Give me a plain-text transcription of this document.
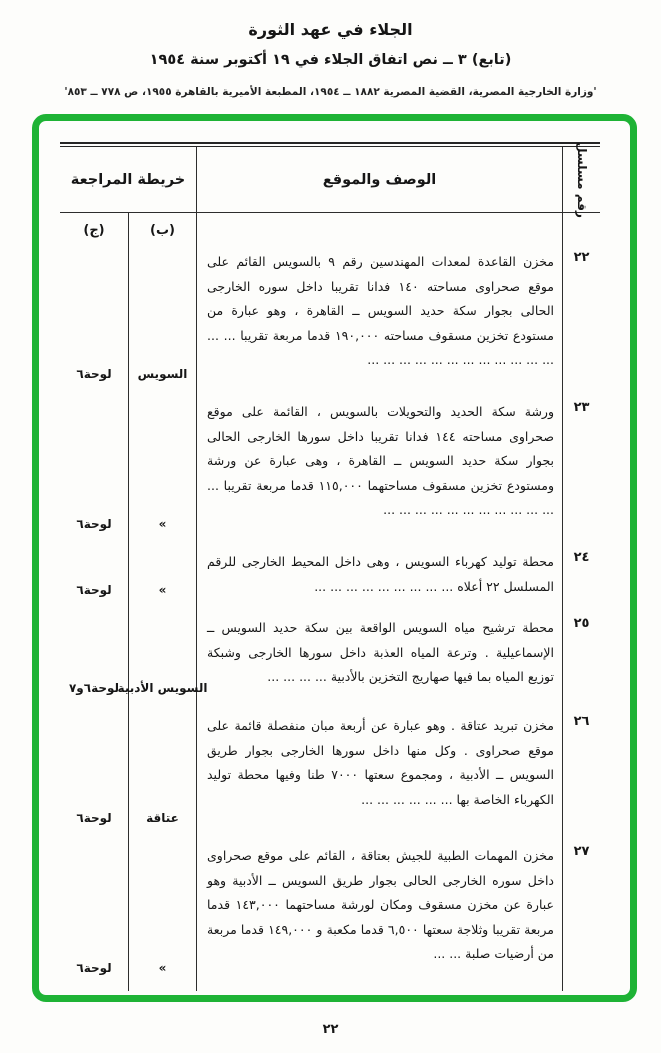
الجلاء في عهد الثورة
(تابع) ٣ ــ نص اتفاق الجلاء في ١٩ أكتوبر سنة ١٩٥٤
'وزارة الخارجية المصرية، القضية المصرية ١٨٨٢ ــ ١٩٥٤، المطبعة الأميرية بالقاهرة ١٩٥٥، ص ٧٧٨ ــ ٨٥٣'
رقم مسلسل
الوصف والموقع
خريطة المراجعة
(ب)
(ج)
٢٢

مخزن القاعدة لمعدات المهندسين رقم ٩ بالسويس القائم على موقع صحراوى مساحته ١٤٠ فدانا تقريبا داخل سوره الخارجى الحالى بجوار سكة حديد السويس ــ القاهرة ، وهو عبارة من مستودع تخزين مسقوف مساحته ١٩٠,٠٠٠ قدما مربعة تقريبا ... ... ... ... ... ... ... ... ... ... ... ... ... ...

السويس
لوحة٦
٢٣

ورشة سكة الحديد والتحويلات بالسويس ، القائمة على موقع صحراوى مساحته ١٤٤ فدانا تقريبا داخل سورها الخارجى الحالى بجوار سكة حديد السويس ــ القاهرة ، وهى عبارة عن ورشة ومستودع تخزين مسقوف مساحتهما ١١٥,٠٠٠ قدما مربعة تقريبا ... ... ... ... ... ... ... ... ... ... ... ...

»
لوحة٦
٢٤

محطة توليد كهرباء السويس ، وهى داخل المحيط الخارجى للرقم المسلسل ٢٢ أعلاه ... ... ... ... ... ... ... ... ...

»
لوحة٦
٢٥

محطة ترشيح مياه السويس الواقعة بين سكة حديد السويس ــ الإسماعيلية . وترعة المياه العذبة داخل سورها الخارجى وشبكة توزيع المياه بما فيها صهاريج التخزين بالأدبية ... ... ... ...

السويس الأدبية
لوحة٦و٧
٢٦

مخزن تبريد عتاقة . وهو عبارة عن أربعة مبان منفصلة قائمة على موقع صحراوى . وكل منها داخل سورها الخارجى بجوار طريق السويس ــ الأدبية ، ومجموع سعتها ٧٠٠٠ طنا وفيها محطة توليد الكهرباء الخاصة بها ... ... ... ... ... ...

عتاقة
لوحة٦
٢٧

مخزن المهمات الطبية للجيش بعتاقة ، القائم على موقع صحراوى داخل سوره الخارجى الحالى بجوار طريق السويس ــ الأدبية وهو عبارة عن مخزن مسقوف ومكان لورشة مساحتهما ١٤٣,٠٠٠ قدما مربعة تقريبا وثلاجة سعتها ٦,٥٠٠ قدما مكعبة و ١٤٩,٠٠٠ قدما مربعة من أرضيات صلبة ... ...

»
لوحة٦
٢٢
